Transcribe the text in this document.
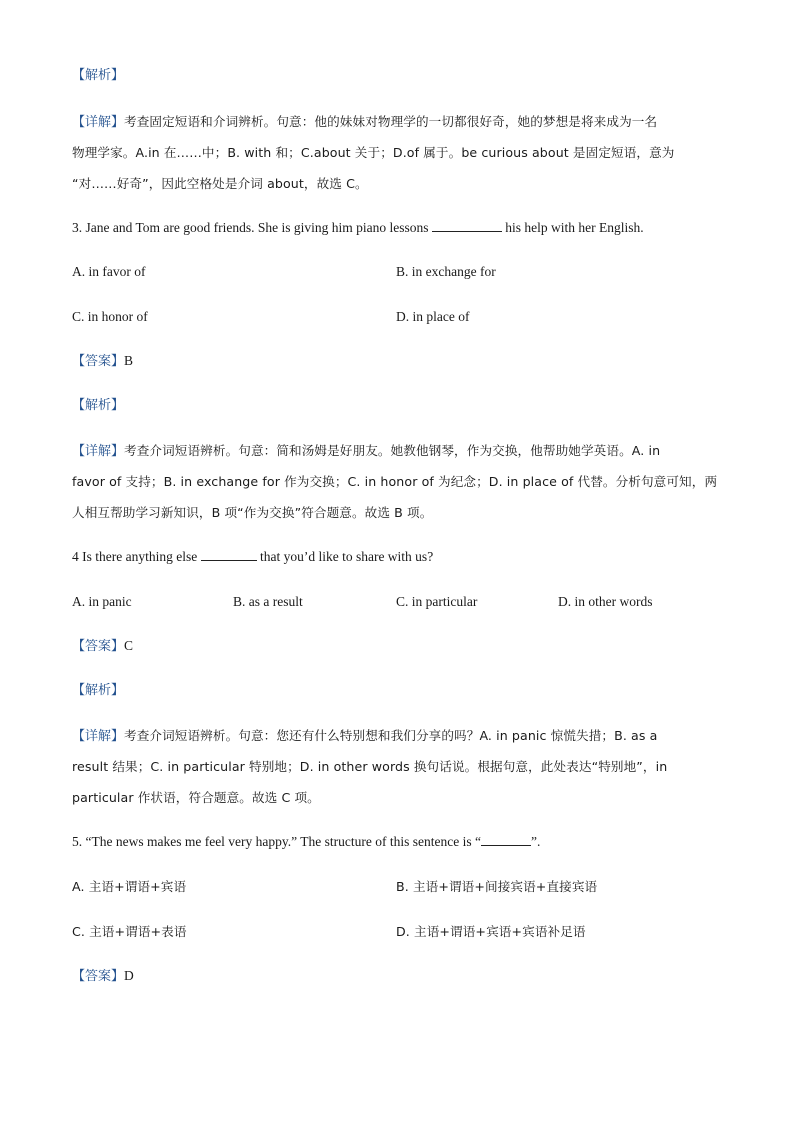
【解析】
【详解】考查固定短语和介词辨析。句意：他的妹妹对物理学的一切都很好奇，她的梦想是将来成为一名
物理学家。A.in 在……中；B. with 和；C.about 关于；D.of 属于。be curious about 是固定短语，意为
“对……好奇”，因此空格处是介词 about，故选 C。
3. Jane and Tom are good friends. She is giving him piano lessons	his help with her English.
A. in favor of	B. in exchange for
C. in honor of	D. in place of
【答案】B
【解析】
【详解】考查介词短语辨析。句意：简和汤姆是好朋友。她教他钢琴，作为交换，他帮助她学英语。A. in
favor of 支持；B. in exchange for 作为交换；C. in honor of 为纪念；D. in place of 代替。分析句意可知，两
人相互帮助学习新知识，B 项“作为交换”符合题意。故选 B 项。
4 Is there anything else	that you’d like to share with us?
A. in panic	B. as a result	C. in particular	D. in other words
【答案】C
【解析】
【详解】考查介词短语辨析。句意：您还有什么特别想和我们分享的吗？A. in panic 惊慌失措；B. as a
result 结果；C. in particular 特别地；D. in other words 换句话说。根据句意，此处表达“特别地”，in
particular 作状语，符合题意。故选 C 项。
5. “The news makes me feel very happy.” The structure of this sentence is “	”.
A. 主语+谓语+宾语	B. 主语+谓语+间接宾语+直接宾语
C. 主语+谓语+表语	D. 主语+谓语+宾语+宾语补足语
【答案】D
